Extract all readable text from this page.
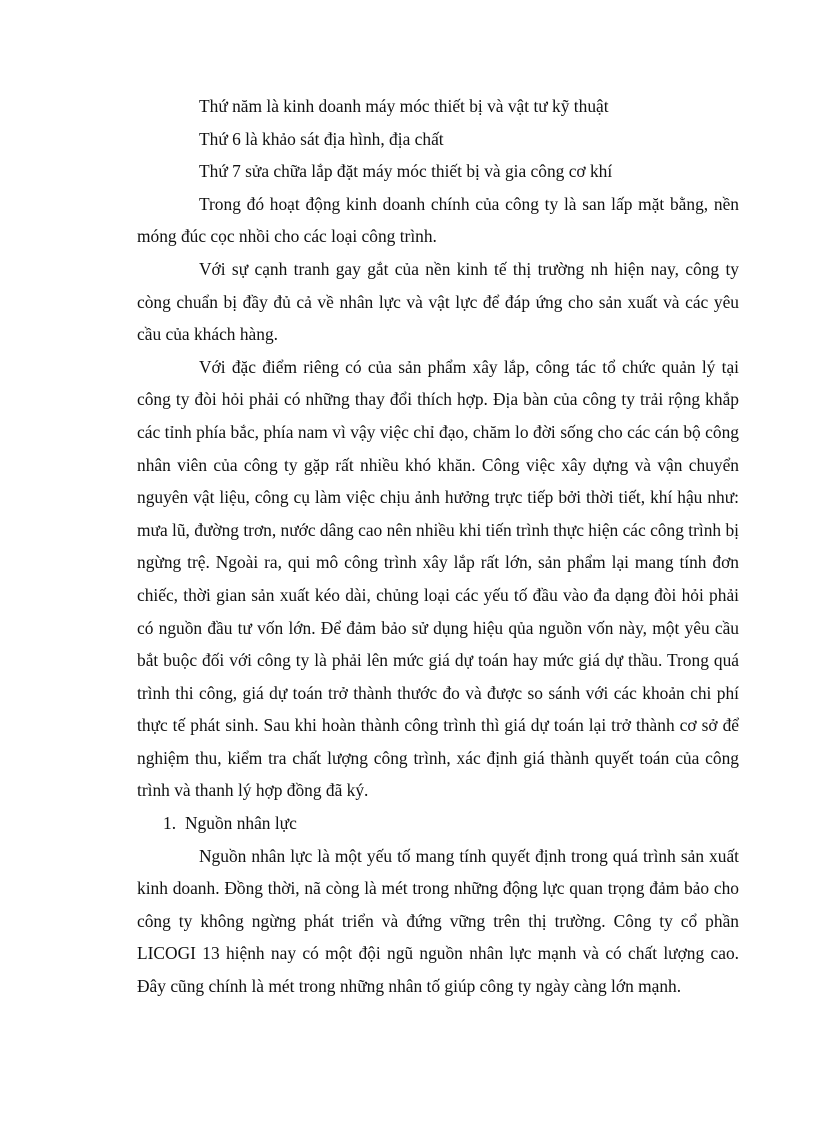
Thứ năm là kinh doanh máy móc thiết bị và vật tư kỹ thuật

Thứ 6 là khảo sát địa hình, địa chất

Thứ 7 sửa chữa lắp đặt máy móc thiết bị và gia công cơ khí

Trong đó hoạt động kinh doanh chính của công ty là san lấp mặt bằng, nền móng đúc cọc nhồi cho các loại công trình.

Với sự cạnh tranh gay gắt của nền kinh tế thị trường nh hiện nay, công ty còng chuẩn bị đầy đủ cả về nhân lực và vật lực để đáp ứng cho sản xuất và các yêu cầu của khách hàng.

Với đặc điểm riêng có của sản phẩm xây lắp, công tác tổ chức quản lý tại công ty đòi hỏi phải có những thay đổi thích hợp. Địa bàn của công ty trải rộng khắp các tỉnh phía bắc, phía nam vì vậy việc chỉ đạo, chăm lo đời sống cho các cán bộ công nhân viên của công ty gặp rất nhiều khó khăn. Công việc xây dựng và vận chuyển nguyên vật liệu, công cụ làm việc chịu ảnh hưởng trực tiếp bởi thời tiết, khí hậu như: mưa lũ, đường trơn, nước dâng cao nên nhiều khi tiến trình thực hiện các công trình bị ngừng trệ. Ngoài ra, qui mô công trình xây lắp rất lớn, sản phẩm lại mang tính đơn chiếc, thời gian sản xuất kéo dài, chủng loại các yếu tố đầu vào đa dạng đòi hỏi phải có nguồn đầu tư vốn lớn. Để đảm bảo sử dụng hiệu qủa nguồn vốn này, một yêu cầu bắt buộc đối với công ty là phải lên mức giá dự toán hay mức giá dự thầu. Trong quá trình thi công, giá dự toán trở thành thước đo và được so sánh với các khoản chi phí thực tế phát sinh. Sau khi hoàn thành công trình thì giá dự toán lại trở thành cơ sở để nghiệm thu, kiểm tra chất lượng công trình, xác định giá thành quyết toán của công trình và thanh lý hợp đồng đã ký.

1. Nguồn nhân lực

Nguồn nhân lực là một yếu tố mang tính quyết định trong quá trình sản xuất kinh doanh. Đồng thời, nã còng là mét trong những động lực quan trọng đảm bảo cho công ty không ngừng phát triển và đứng vững trên thị trường. Công ty cổ phần LICOGI 13 hiệnh nay có một đội ngũ nguồn nhân lực mạnh và có chất lượng cao. Đây cũng chính là mét trong những nhân tố giúp công ty ngày càng lớn mạnh.
